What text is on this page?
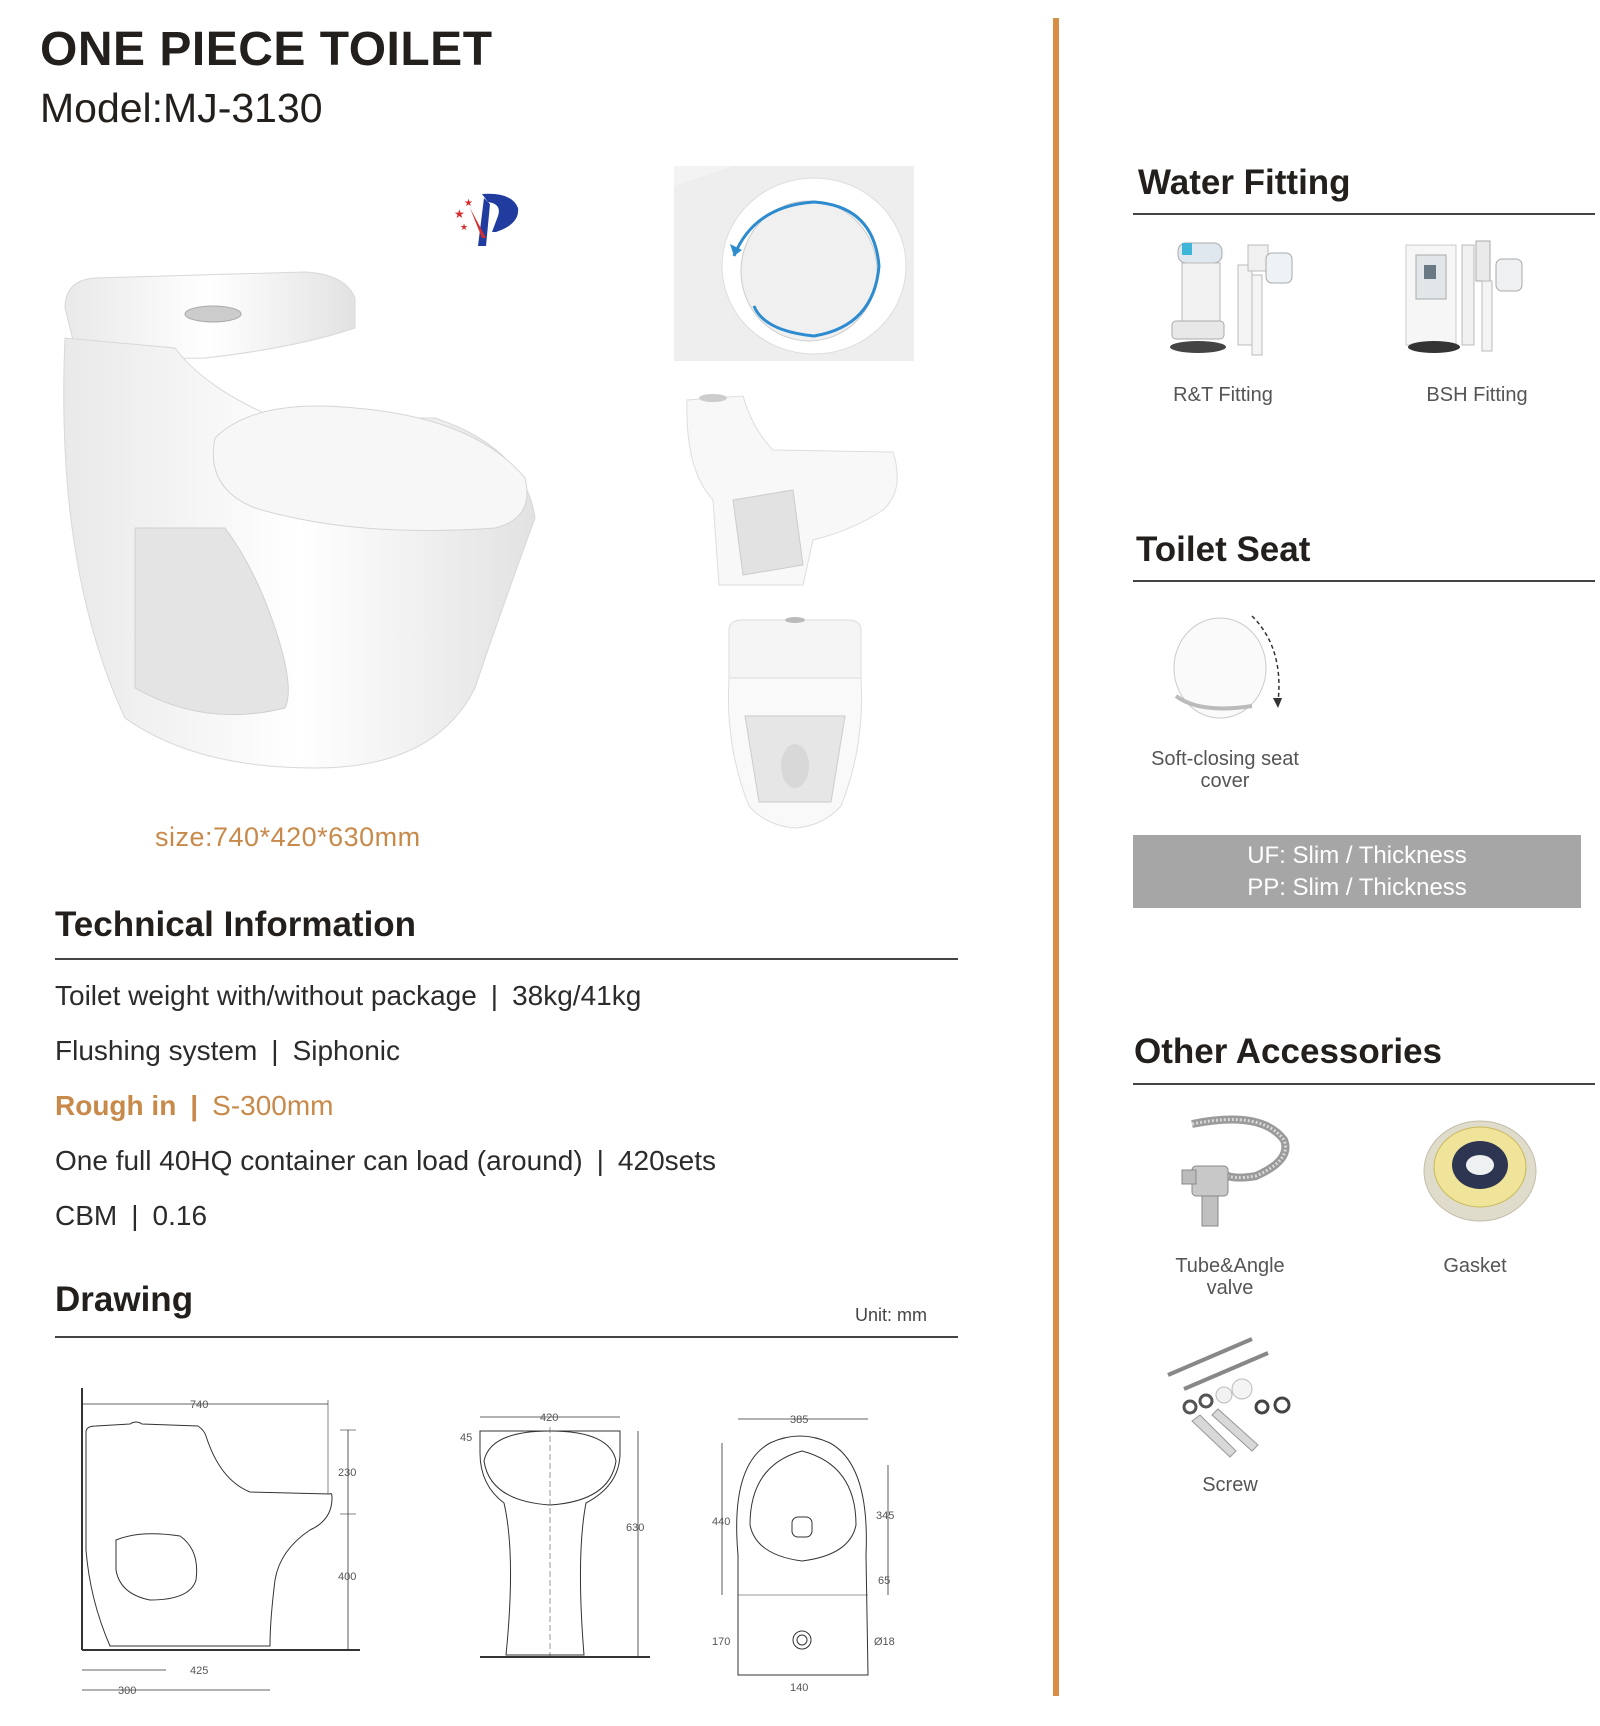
ONE PIECE TOILET
Model:MJ-3130
★
★
★
size:740*420*630mm
Technical Information
Toilet weight with/without package | 38kg/41kg
Flushing system | Siphonic
Rough in | S-300mm
One full 40HQ container can load (around) | 420sets
CBM | 0.16
Drawing	Unit: mm
740
230
400
425
300
420
45
630
385
440	345
65
170	Ø18
140
Water Fitting
R&T Fitting	BSH Fitting
Toilet Seat
Soft-closing seat
cover
UF: Slim / Thickness
PP: Slim / Thickness
Other Accessories
Tube&Angle
valve
Gasket
Screw
